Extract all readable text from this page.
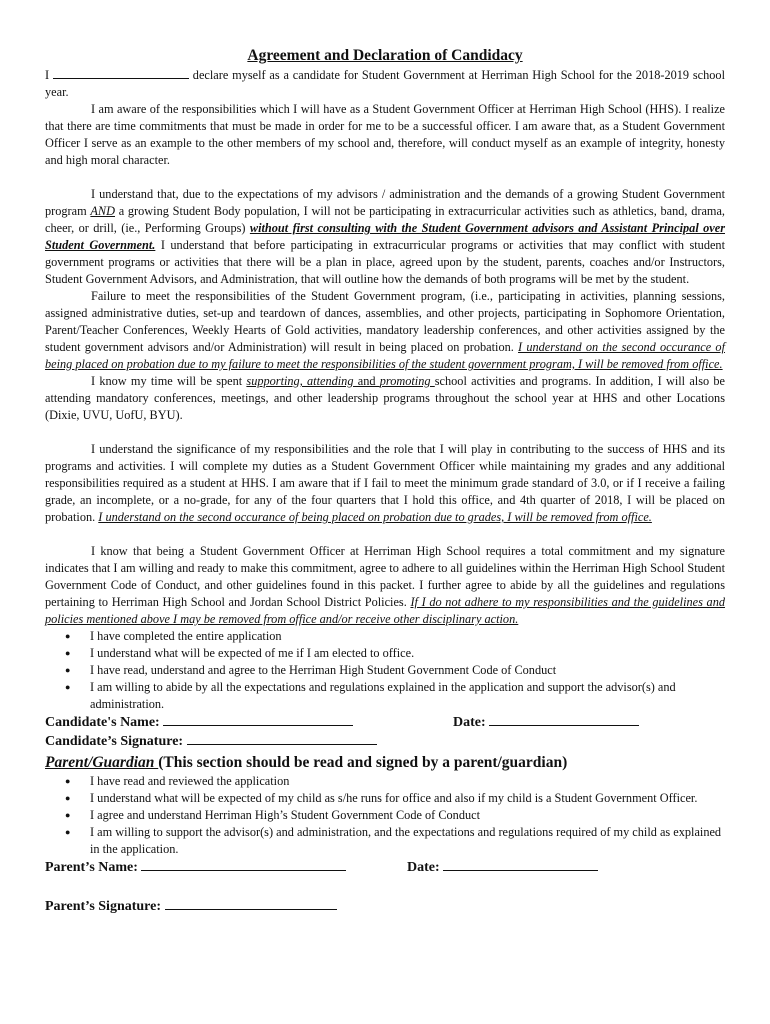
Agreement and Declaration of Candidacy

I	declare myself as a candidate for Student Government at Herriman High School for the 2018-2019 school year.

I am aware of the responsibilities which I will have as a Student Government Officer at Herriman High School (HHS). I realize that there are time commitments that must be made in order for me to be a successful officer. I am aware that, as a Student Government Officer I serve as an example to the other members of my school and, therefore, will conduct myself as an example of integrity, honesty and high moral character.

I understand that, due to the expectations of my advisors / administration and the demands of a growing Student Government program AND a growing Student Body population, I will not be participating in extracurricular activities such as athletics, band, drama, cheer, or drill, (ie., Performing Groups) without first consulting with the Student Government advisors and Assistant Principal over Student Government. I understand that before participating in extracurricular programs or activities that may conflict with student government programs or activities that there will be a plan in place, agreed upon by the student, parents, coaches and/or Instructors, Student Government Advisors, and Administration, that will outline how the demands of both programs will be met by the student.

Failure to meet the responsibilities of the Student Government program, (i.e., participating in activities, planning sessions, assigned administrative duties, set-up and teardown of dances, assemblies, and other projects, participating in Sophomore Orientation, Parent/Teacher Conferences, Weekly Hearts of Gold activities, mandatory leadership conferences, and other activities assigned by the student government advisors and/or Administration) will result in being placed on probation. I understand on the second occurance of being placed on probation due to my failure to meet the responsibilities of the student government program, I will be removed from office.

I know my time will be spent supporting, attending and promoting school activities and programs. In addition, I will also be attending mandatory conferences, meetings, and other leadership programs throughout the school year at HHS and other Locations (Dixie, UVU, UofU, BYU).

I understand the significance of my responsibilities and the role that I will play in contributing to the success of HHS and its programs and activities. I will complete my duties as a Student Government Officer while maintaining my grades and any additional responsibilities required as a student at HHS. I am aware that if I fail to meet the minimum grade standard of 3.0, or if I receive a failing grade, an incomplete, or a no-grade, for any of the four quarters that I hold this office, and 4th quarter of 2018, I will be placed on probation. I understand on the second occurance of being placed on probation due to grades, I will be removed from office.

I know that being a Student Government Officer at Herriman High School requires a total commitment and my signature indicates that I am willing and ready to make this commitment, agree to adhere to all guidelines within the Herriman High School Student Government Code of Conduct, and other guidelines found in this packet. I further agree to abide by all the guidelines and regulations pertaining to Herriman High School and Jordan School District Policies. If I do not adhere to my responsibilities and the guidelines and policies mentioned above I may be removed from office and/or receive other disciplinary action.

● I have completed the entire application
● I understand what will be expected of me if I am elected to office.
● I have read, understand and agree to the Herriman High Student Government Code of Conduct
● I am willing to abide by all the expectations and regulations explained in the application and support the advisor(s) and administration.
Candidate's Name:	Date:
Candidate’s Signature:
Parent/Guardian (This section should be read and signed by a parent/guardian)
● I have read and reviewed the application
● I understand what will be expected of my child as s/he runs for office and also if my child is a Student Government Officer.
● I agree and understand Herriman High’s Student Government Code of Conduct
● I am willing to support the advisor(s) and administration, and the expectations and regulations required of my child as explained in the application.
Parent’s Name:	Date:
Parent’s Signature:
